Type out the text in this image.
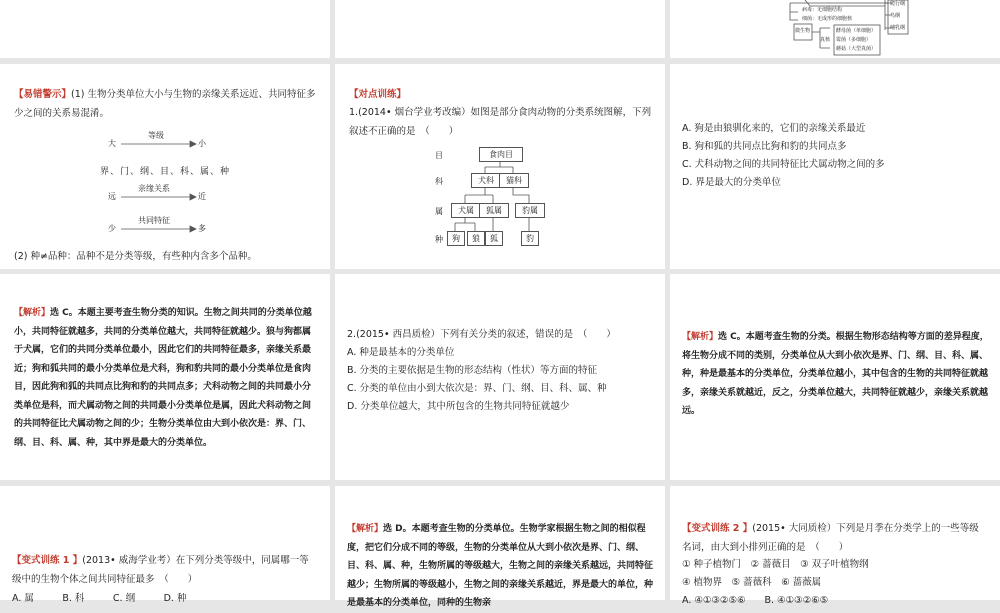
病毒：无细胞结构
细菌：无成形的细胞核
微生物
真核
酵母菌（单细胞）
霉菌（多细胞）
蘑菇（大型真菌）
爬行纲
鸟纲
哺乳纲
【易错警示】(1) 生物分类单位大小与生物的亲缘关系远近、共同特征多少之间的关系易混淆。
大
等级
小
界、门、纲、目、科、属、种
远
亲缘关系
近
少
共同特征
多
(2) 种≠品种：品种不是分类等级，有些种内含多个品种。
【对点训练】
1.(2014• 烟台学业考改编）如图是部分食肉动物的分类系统图解，下列叙述不正确的是　（　　）
目
科
属
种
食肉目
犬科	猫科
犬属	狐属	豹属
狗	狼	狐	豹
A. 狗是由狼驯化来的，它们的亲缘关系最近
B. 狗和狐的共同点比狗和豹的共同点多
C. 犬科动物之间的共同特征比犬属动物之间的多
D. 界是最大的分类单位
【解析】选 C。本题主要考查生物分类的知识。生物之间共同的分类单位越小，共同特征就越多，共同的分类单位越大，共同特征就越少。狼与狗都属于犬属，它们的共同分类单位最小，因此它们的共同特征最多，亲缘关系最近；狗和狐共同的最小分类单位是犬科，狗和豹共同的最小分类单位是食肉目，因此狗和狐的共同点比狗和豹的共同点多；犬科动物之间的共同最小分类单位是科，而犬属动物之间的共同最小分类单位是属，因此犬科动物之间的共同特征比犬属动物之间的少；生物分类单位由大到小依次是：界、门、纲、目、科、属、种，其中界是最大的分类单位。
2.(2015• 西昌质检）下列有关分类的叙述，错误的是　（　　）
A. 种是最基本的分类单位
B. 分类的主要依据是生物的形态结构（性状）等方面的特征
C. 分类的单位由小到大依次是：界、门、纲、目、科、属、种
D. 分类单位越大，其中所包含的生物共同特征就越少
【解析】选 C。本题考查生物的分类。根据生物形态结构等方面的差异程度，将生物分成不同的类别，分类单位从大到小依次是界、门、纲、目、科、属、种，种是最基本的分类单位，分类单位越小，其中包含的生物的共同特征就越多，亲缘关系就越近，反之，分类单位越大，共同特征就越少，亲缘关系就越远。
【变式训练 1 】(2013• 威海学业考）在下列分类等级中，同属哪一等级中的生物个体之间共同特征最多　（　　）
A. 属　　　B. 科　　　C. 纲　　　D. 种
【解析】选 D。本题考查生物的分类单位。生物学家根据生物之间的相似程度，把它们分成不同的等级，生物的分类单位从大到小依次是界、门、纲、目、科、属、种，生物所属的等级越大，生物之间的亲缘关系越远，共同特征越少；生物所属的等级越小，生物之间的亲缘关系越近，界是最大的单位，种是最基本的分类单位，同种的生物亲
【变式训练 2 】(2015• 大同质检）下列是月季在分类学上的一些等级名词，由大到小排列正确的是　（　　）
① 种子植物门　② 蔷薇目　③ 双子叶植物纲
④ 植物界　⑤ 蔷薇科　⑥ 蔷薇属
A. ④①③②⑤⑥　　B. ④①③②⑥⑤
